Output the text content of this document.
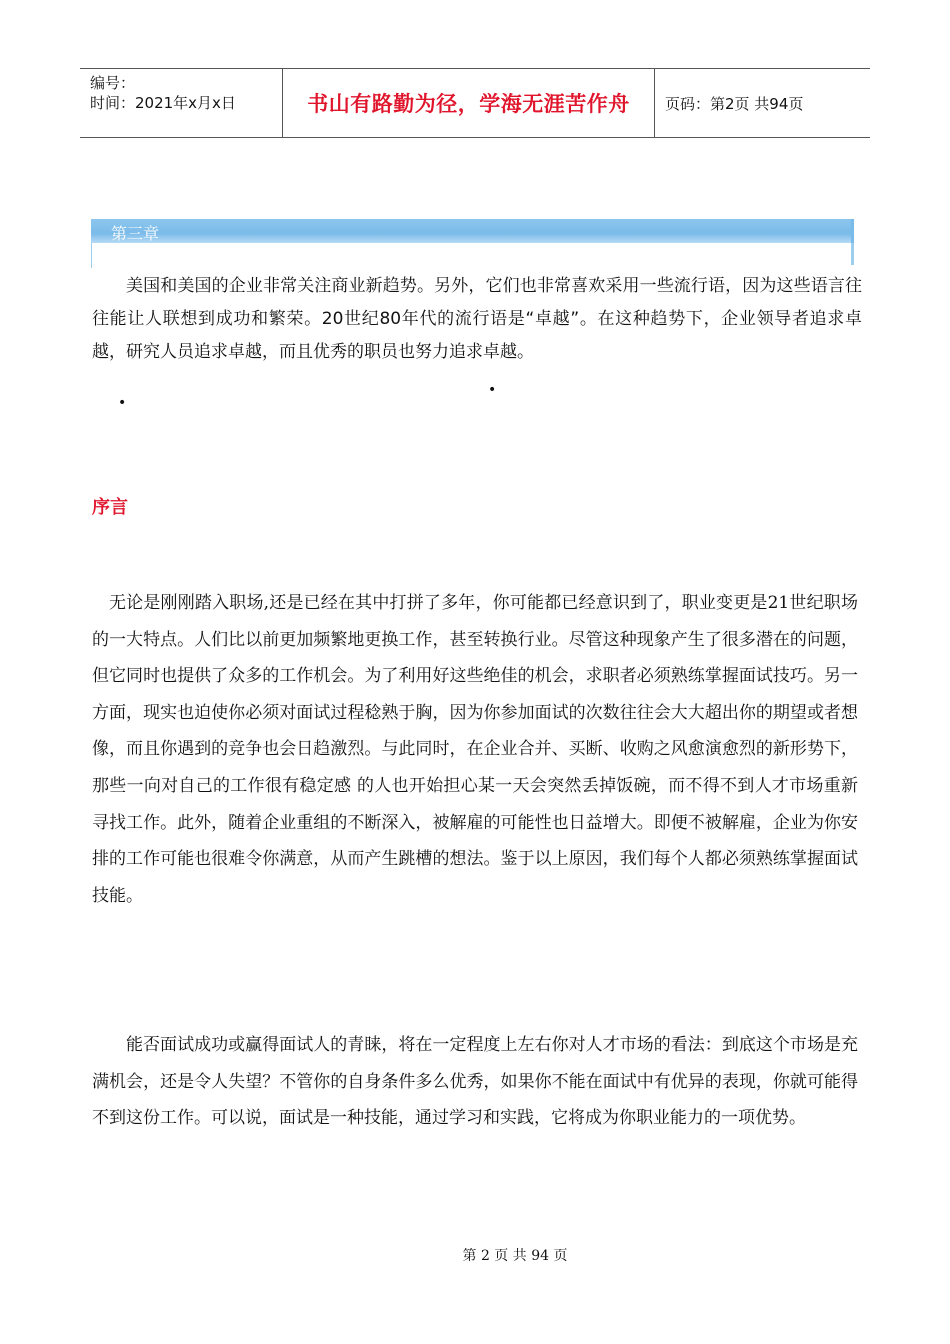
编号：
时间：2021年x月x日	书山有路勤为径，学海无涯苦作舟	页码：第2页 共94页
第三章

美国和美国的企业非常关注商业新趋势。另外，它们也非常喜欢采用一些流行语，因为这些语言往往能让人联想到成功和繁荣。20世纪80年代的流行语是“卓越”。在这种趋势下，企业领导者追求卓越，研究人员追求卓越，而且优秀的职员也努力追求卓越。

•
•
序言

无论是刚刚踏入职场,还是已经在其中打拼了多年，你可能都已经意识到了，职业变更是21世纪职场的一大特点。人们比以前更加频繁地更换工作，甚至转换行业。尽管这种现象产生了很多潜在的问题，但它同时也提供了众多的工作机会。为了利用好这些绝佳的机会，求职者必须熟练掌握面试技巧。另一方面，现实也迫使你必须对面试过程稔熟于胸，因为你参加面试的次数往往会大大超出你的期望或者想像，而且你遇到的竞争也会日趋激烈。与此同时，在企业合并、买断、收购之风愈演愈烈的新形势下，那些一向对自己的工作很有稳定感 的人也开始担心某一天会突然丢掉饭碗，而不得不到人才市场重新寻找工作。此外，随着企业重组的不断深入，被解雇的可能性也日益增大。即便不被解雇，企业为你安排的工作可能也很难令你满意，从而产生跳槽的想法。鉴于以上原因，我们每个人都必须熟练掌握面试技能。

能否面试成功或赢得面试人的青睐，将在一定程度上左右你对人才市场的看法：到底这个市场是充满机会，还是令人失望？不管你的自身条件多么优秀，如果你不能在面试中有优异的表现，你就可能得不到这份工作。可以说，面试是一种技能，通过学习和实践，它将成为你职业能力的一项优势。

第 2 页 共 94 页
